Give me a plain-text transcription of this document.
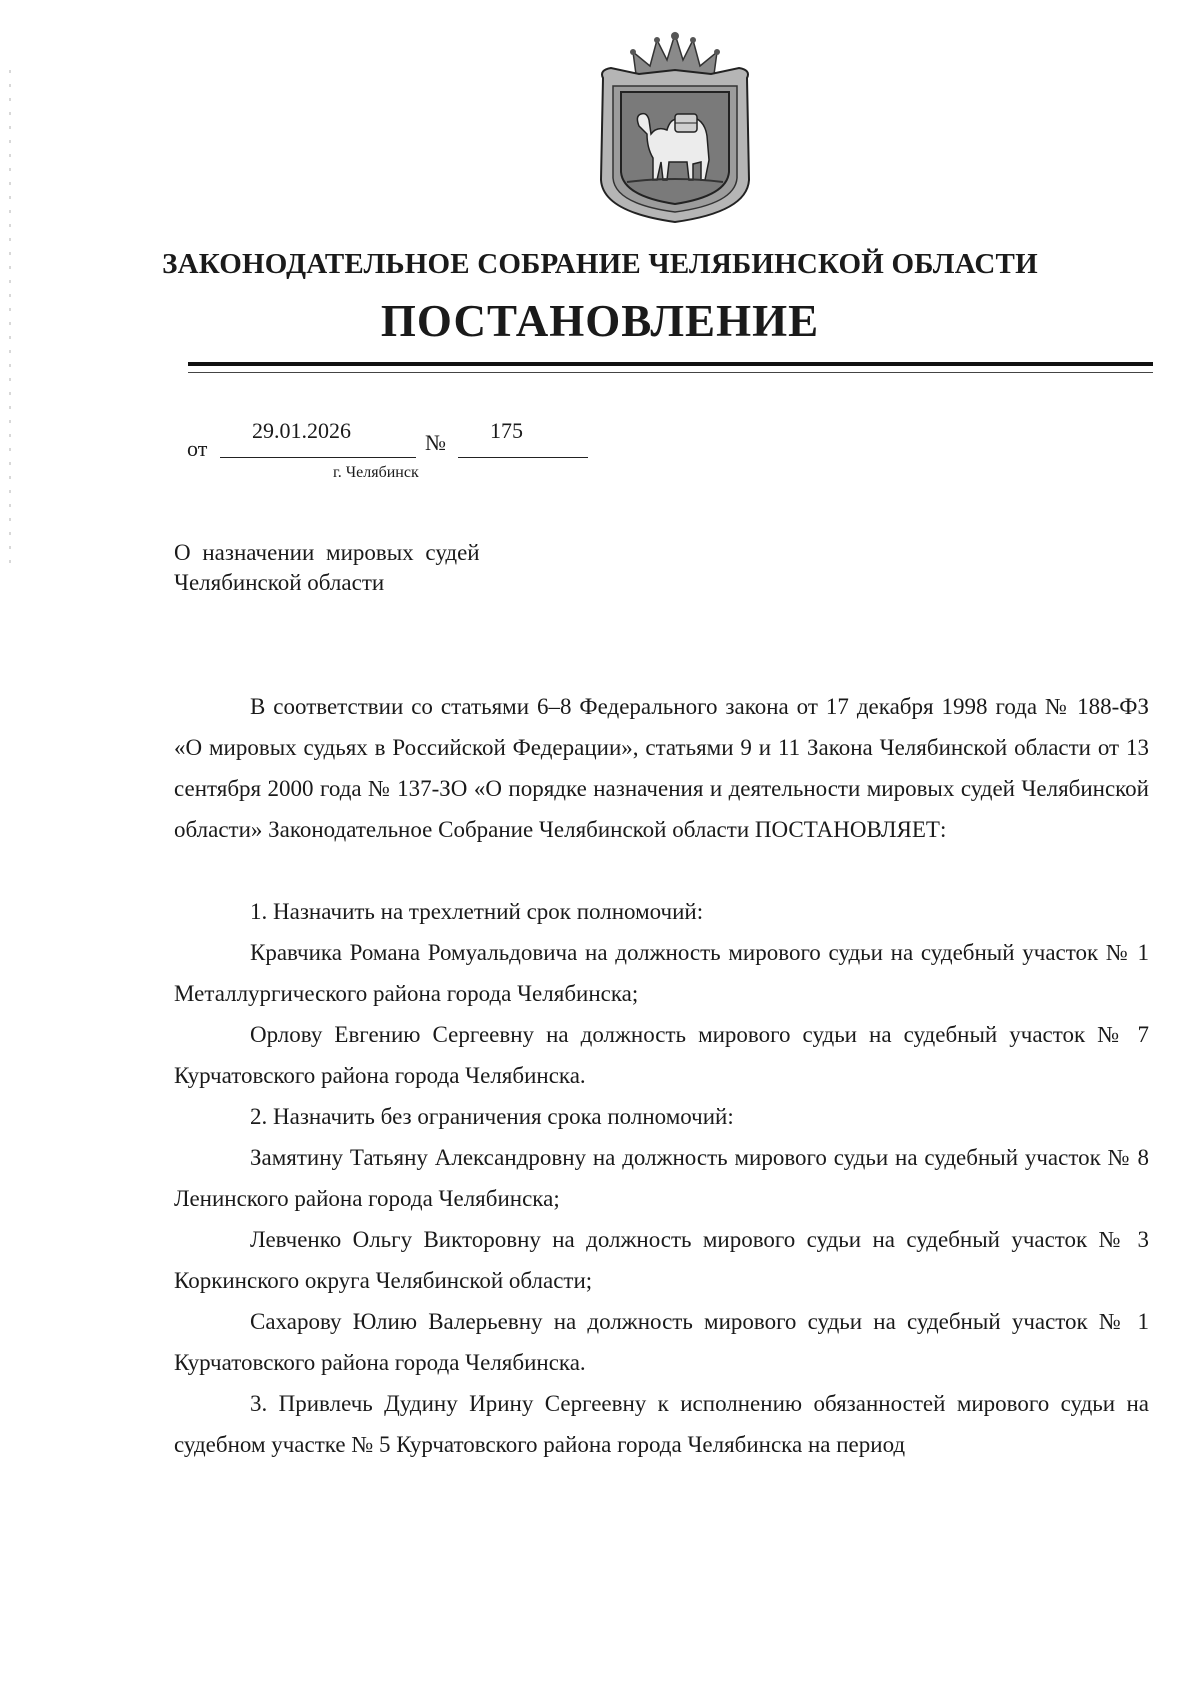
ЗАКОНОДАТЕЛЬНОЕ СОБРАНИЕ ЧЕЛЯБИНСКОЙ ОБЛАСТИ
ПОСТАНОВЛЕНИЕ
от
29.01.2026	№ 175
г. Челябинск
О назначении мировых судей
Челябинской области

В соответствии со статьями 6–8 Федерального закона от 17 декабря 1998 года № 188-ФЗ «О мировых судьях в Российской Федерации», статьями 9 и 11 Закона Челябинской области от 13 сентября 2000 года № 137-ЗО «О порядке назначения и деятельности мировых судей Челябинской области» Законодательное Собрание Челябинской области ПОСТАНОВЛЯЕТ:

1. Назначить на трехлетний срок полномочий:

Кравчика Романа Ромуальдовича на должность мирового судьи на судебный участок № 1 Металлургического района города Челябинска;

Орлову Евгению Сергеевну на должность мирового судьи на судебный участок № 7 Курчатовского района города Челябинска.

2. Назначить без ограничения срока полномочий:

Замятину Татьяну Александровну на должность мирового судьи на судебный участок № 8 Ленинского района города Челябинска;

Левченко Ольгу Викторовну на должность мирового судьи на судебный участок № 3 Коркинского округа Челябинской области;

Сахарову Юлию Валерьевну на должность мирового судьи на судебный участок № 1 Курчатовского района города Челябинска.

3. Привлечь Дудину Ирину Сергеевну к исполнению обязанностей мирового судьи на судебном участке № 5 Курчатовского района города Челябинска на период
